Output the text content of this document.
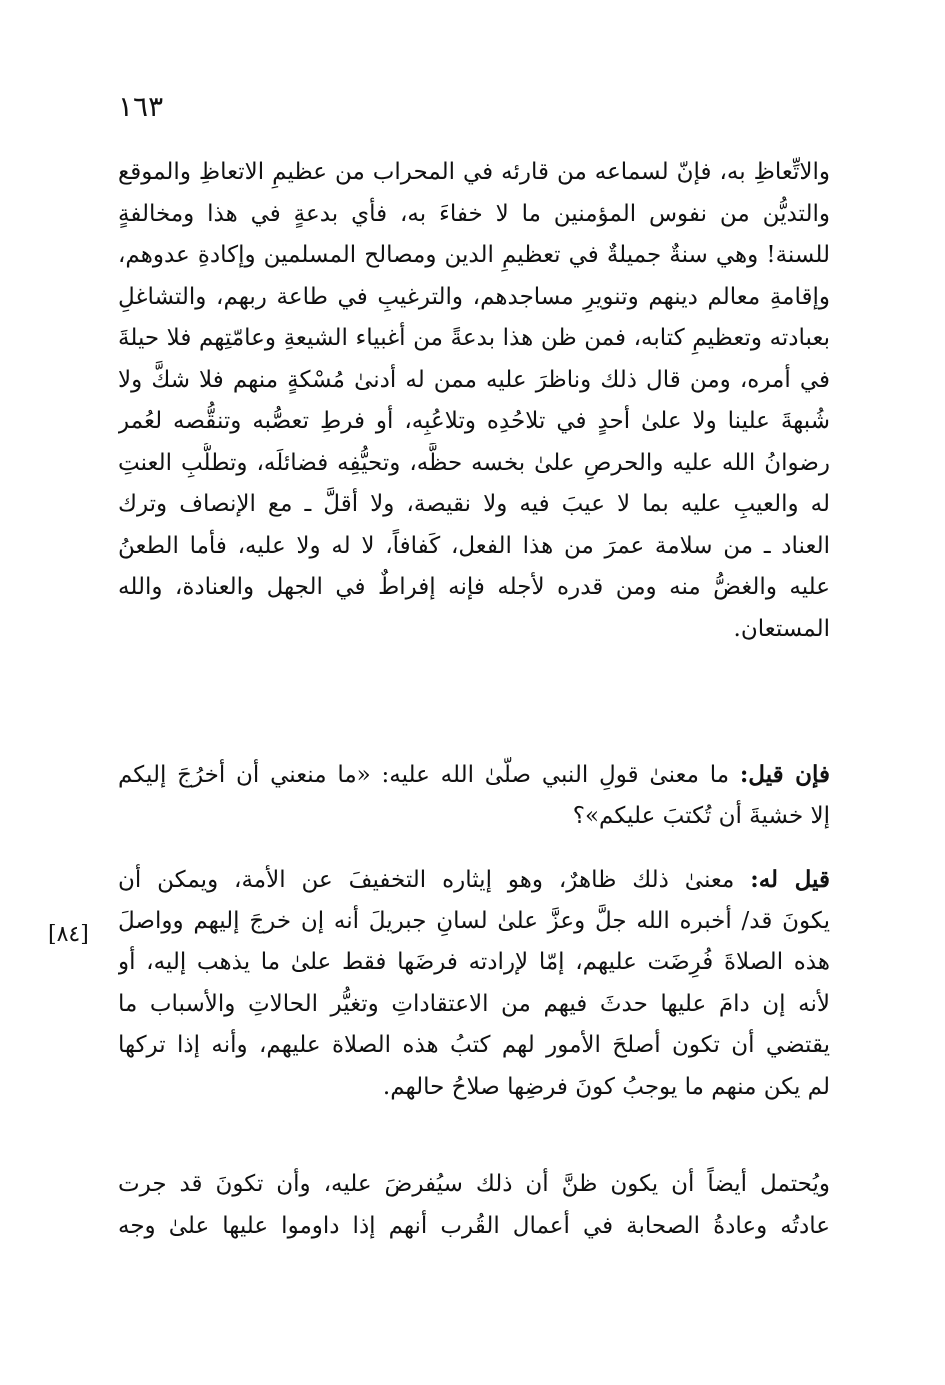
١٦٣
[٨٤]
والاتِّعاظِ به، فإنّ لسماعه من قارئه في المحراب من عظيمِ الاتعاظِ والموقع
والتديُّن من نفوس المؤمنين ما لا خفاءَ به، فأي بدعةٍ في هذا ومخالفةٍ
للسنة! وهي سنةٌ جميلةٌ في تعظيمِ الدين ومصالح المسلمين وإكادةِ عدوهم،
وإقامةِ معالم دينهم وتنويرِ مساجدهم، والترغيبِ في طاعة ربهم، والتشاغلِ
بعبادته وتعظيمِ كتابه، فمن ظن هذا بدعةً من أغبياء الشيعةِ وعامّتِهم فلا حيلةَ
في أمره، ومن قال ذلك وناظرَ عليه ممن له أدنىٰ مُسْكةٍ منهم فلا شكَّ ولا
شُبهةَ علينا ولا علىٰ أحدٍ في تلاحُدِه وتلاعُبِه، أو فرطِ تعصُّبه وتنقُّصه لعُمر
رضوانُ الله عليه والحرصِ علىٰ بخسه حظَّه، وتحيُّفِه فضائلَه، وتطلُّبِ العنتِ
له والعيبِ عليه بما لا عيبَ فيه ولا نقيصة، ولا أقلَّ ـ مع الإنصاف وترك
العناد ـ من سلامة عمرَ من هذا الفعل، كَفافاً، لا له ولا عليه، فأما الطعنُ
عليه والغضُّ منه ومن قدره لأجله فإنه إفراطٌ في الجهل والعنادة، والله
المستعان.
فإن قيل: ما معنىٰ قولِ النبي صلّىٰ الله عليه: «ما منعني أن أخرُجَ إليكم
إلا خشيةَ أن تُكتبَ عليكم»؟
قيل له: معنىٰ ذلك ظاهرٌ، وهو إيثاره التخفيفَ عن الأمة، ويمكن أن
يكونَ قد/ أخبره الله جلَّ وعزَّ علىٰ لسانِ جبريلَ أنه إن خرجَ إليهم وواصلَ
هذه الصلاةَ فُرِضَت عليهم، إمّا لإرادته فرضَها فقط علىٰ ما يذهب إليه، أو
لأنه إن دامَ عليها حدثَ فيهم من الاعتقاداتِ وتغيُّر الحالاتِ والأسباب ما
يقتضي أن تكون أصلحَ الأمور لهم كتبُ هذه الصلاة عليهم، وأنه إذا تركها
لم يكن منهم ما يوجبُ كونَ فرضِها صلاحُ حالهم.
ويُحتمل أيضاً أن يكون ظنَّ أن ذلك سيُفرضَ عليه، وأن تكونَ قد جرت
عادتُه وعادةُ الصحابة في أعمال القُرب أنهم إذا داوموا عليها علىٰ وجه
